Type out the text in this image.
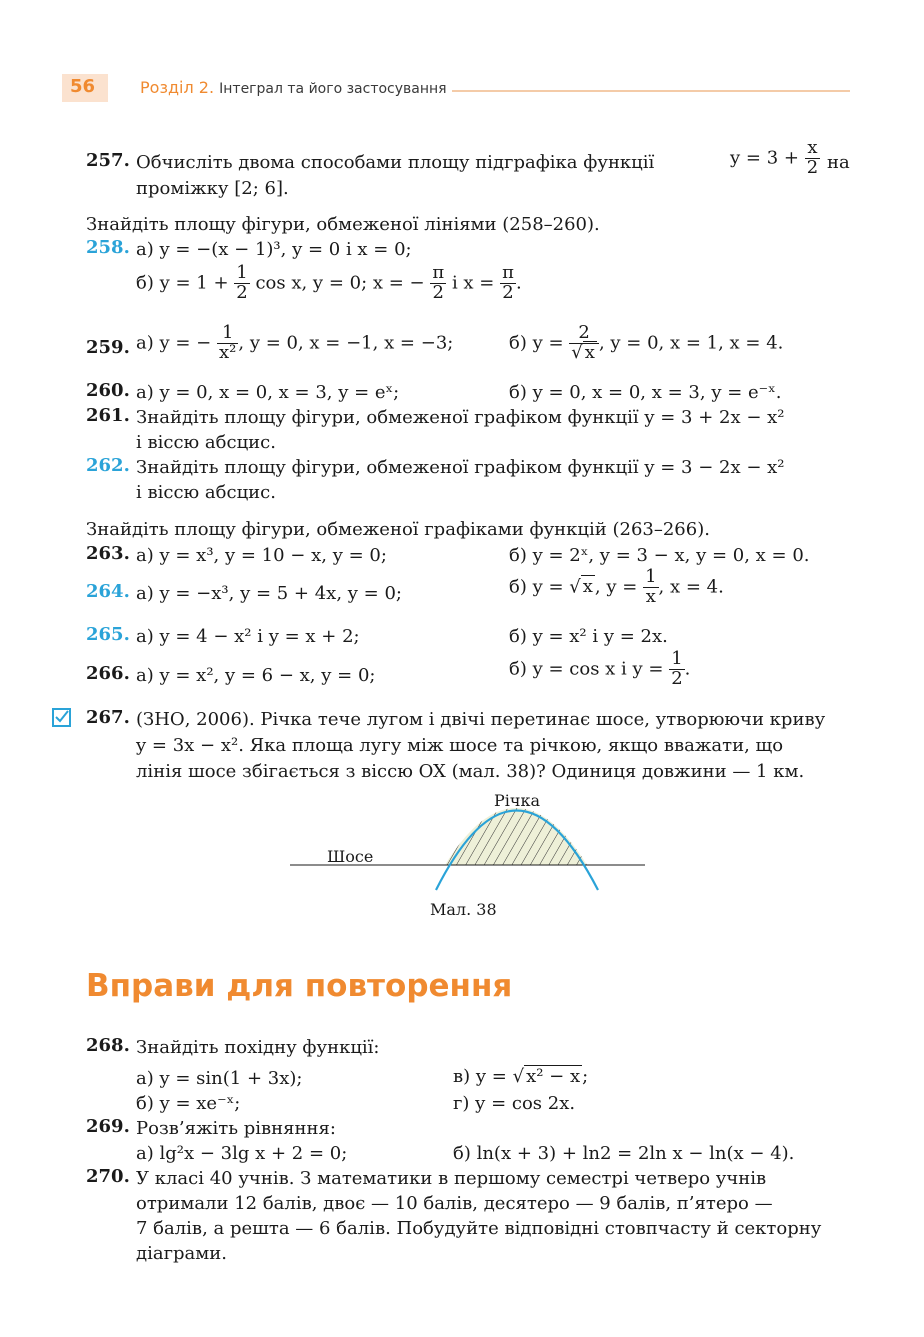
56	Розділ 2. Інтеграл та його застосування
257. Обчисліть двома способами площу підграфіка функції	$y = 3 + \frac{x}{2}$ на
проміжку [2; 6].
Знайдіть площу фігури, обмеженої лініями (258–260).
258. а) y = −(x − 1)³, y = 0 і x = 0;
б) $y = 1 + \frac{1}{2}$ cos x, y = 0; x = − $\frac{\pi}{2}$ і $x = \frac{\pi}{2}$ .
259. а) y = − $\frac{1}{\text{x²}}$ , y = 0, x = −1, x = −3;	б) $y = \frac{2}{√ x}$ , y = 0, x = 1, x = 4.
260. а) y = 0, x = 0, x = 3, y = eˣ;	б) y = 0, x = 0, x = 3, y = e⁻ˣ.
261. Знайдіть площу фігури, обмеженої графіком функції y = 3 + 2x − x²
і віссю абсцис.
262. Знайдіть площу фігури, обмеженої графіком функції y = 3 − 2x − x²
і віссю абсцис.
Знайдіть площу фігури, обмеженої графіками функцій (263–266).
263. а) y = x³, y = 10 − x, y = 0;	б) y = 2ˣ, y = 3 − x, y = 0, x = 0.
264. а) y = −x³, y = 5 + 4x, y = 0;	б) y = √ x , $y = \frac{1}{x}$ , x = 4.
265. а) y = 4 − x² і y = x + 2;	б) y = x² і y = 2x.
266. а) y = x², y = 6 − x, y = 0;	б) y = cos x і $y = \frac{1}{2}$ .
267. (ЗНО, 2006). Річка тече лугом і двічі перетинає шосе, утворюючи криву
y = 3x − x². Яка площа лугу між шосе та річкою, якщо вважати, що
лінія шосе збігається з віссю OX (мал. 38)? Одиниця довжини — 1 км.
Річка
Шосе
Мал. 38
Вправи для повторення
268. Знайдіть похідну функції:
а) y = sin(1 + 3x);	в) y = √ x² − x ;
б) y = xe⁻ˣ;	г) y = cos 2x.
269. Розв’яжіть рівняння:
а) lg²x − 3lg x + 2 = 0;	б) ln(x + 3) + ln2 = 2ln x − ln(x − 4).
270. У класі 40 учнів. З математики в першому семестрі четверо учнів
отримали 12 балів, двоє — 10 балів, десятеро — 9 балів, п’ятеро —
7 балів, а решта — 6 балів. Побудуйте відповідні стовпчасту й секторну
діаграми.
